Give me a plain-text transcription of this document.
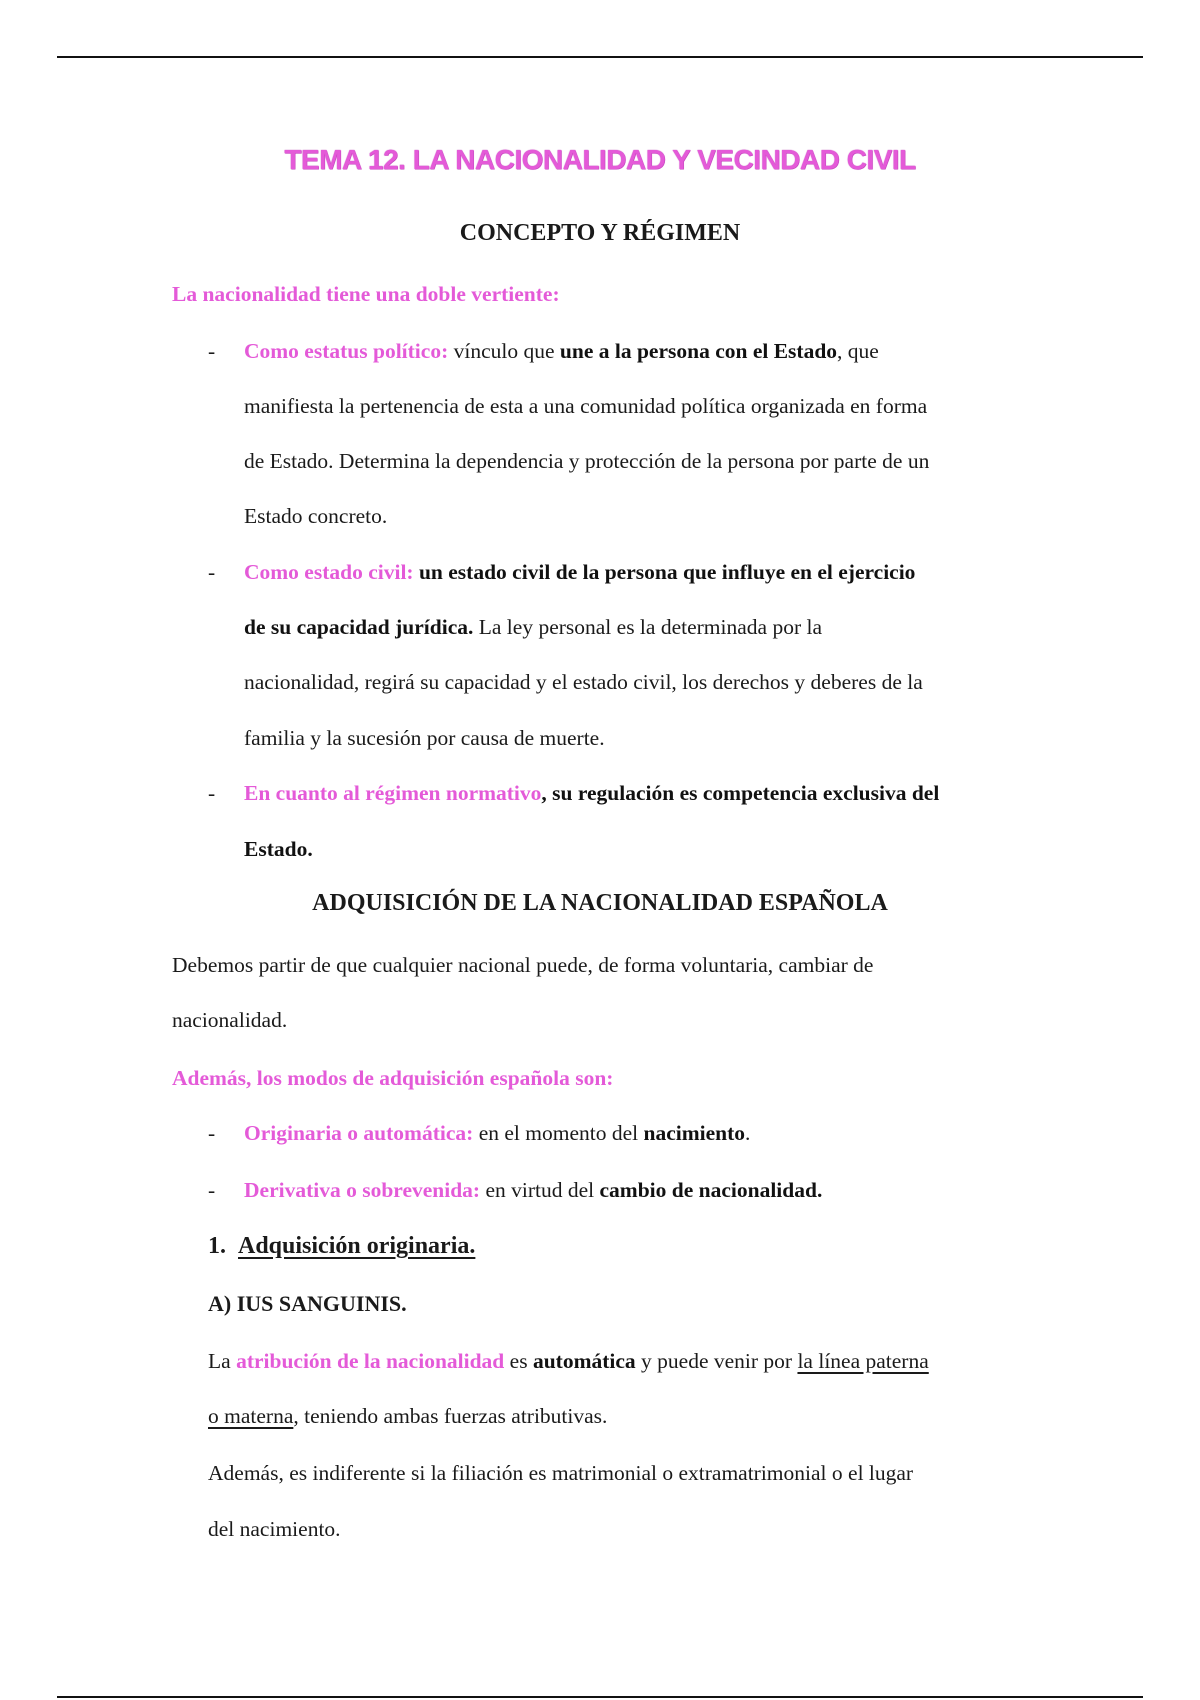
TEMA 12. LA NACIONALIDAD Y VECINDAD CIVIL
CONCEPTO Y RÉGIMEN

La nacionalidad tiene una doble vertiente:

- Como estatus político: vínculo que une a la persona con el Estado, que

manifiesta la pertenencia de esta a una comunidad política organizada en forma

de Estado. Determina la dependencia y protección de la persona por parte de un

Estado concreto.

- Como estado civil: un estado civil de la persona que influye en el ejercicio

de su capacidad jurídica. La ley personal es la determinada por la

nacionalidad, regirá su capacidad y el estado civil, los derechos y deberes de la

familia y la sucesión por causa de muerte.

- En cuanto al régimen normativo, su regulación es competencia exclusiva del

Estado.

ADQUISICIÓN DE LA NACIONALIDAD ESPAÑOLA

Debemos partir de que cualquier nacional puede, de forma voluntaria, cambiar de

nacionalidad.

Además, los modos de adquisición española son:

- Originaria o automática: en el momento del nacimiento.

- Derivativa o sobrevenida: en virtud del cambio de nacionalidad.

1. Adquisición originaria.

A) IUS SANGUINIS.

La atribución de la nacionalidad es automática y puede venir por la línea paterna

o materna, teniendo ambas fuerzas atributivas.

Además, es indiferente si la filiación es matrimonial o extramatrimonial o el lugar

del nacimiento.
